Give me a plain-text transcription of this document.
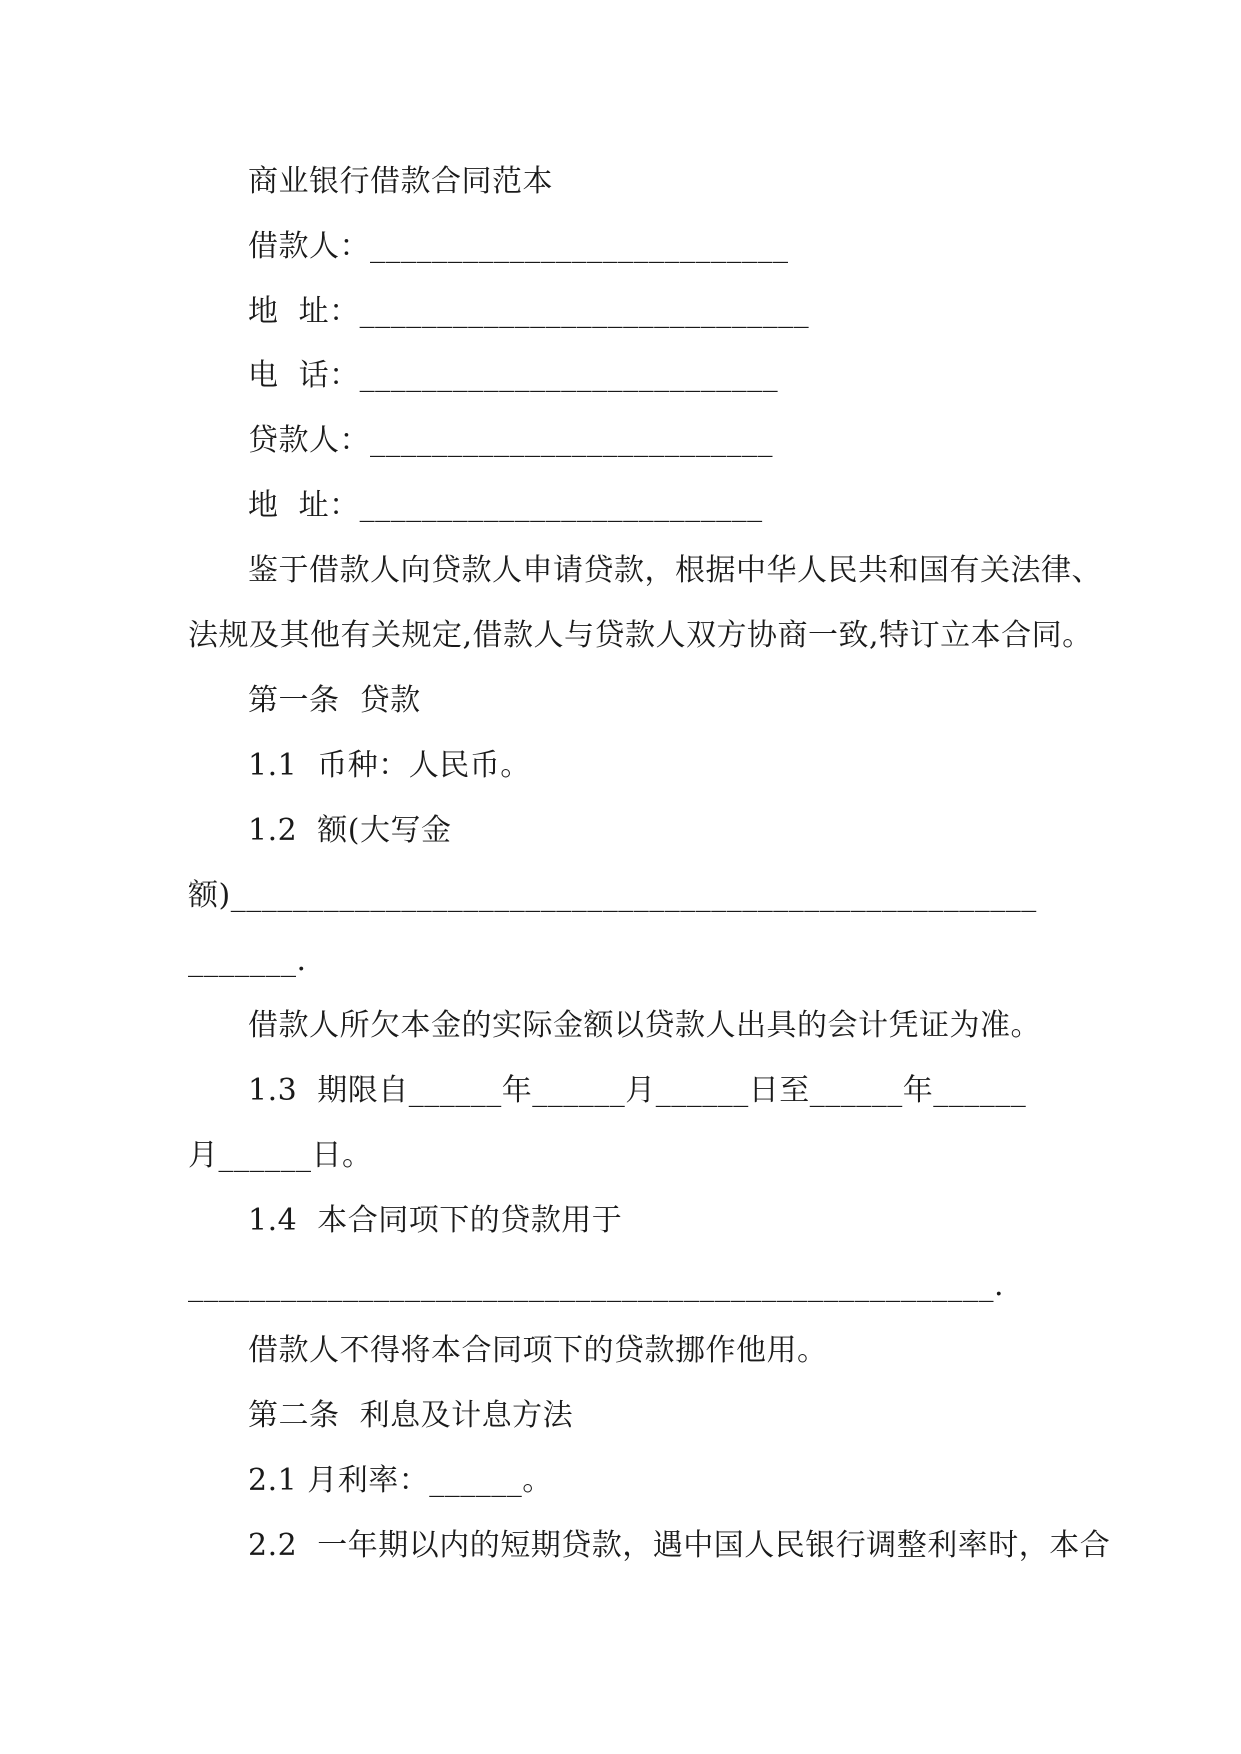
商业银行借款合同范本
借款人：___________________________
地  址：_____________________________
电  话：___________________________
贷款人：__________________________
地  址：__________________________
鉴于借款人向贷款人申请贷款，根据中华人民共和国有关法律、
法规及其他有关规定,借款人与贷款人双方协商一致,特订立本合同。
第一条  贷款
1.1  币种：人民币。
1.2  额(大写金
额)____________________________________________________
_______.
借款人所欠本金的实际金额以贷款人出具的会计凭证为准。
1.3  期限自______年______月______日至______年______
月______日。
1.4  本合同项下的贷款用于
____________________________________________________.
借款人不得将本合同项下的贷款挪作他用。
第二条  利息及计息方法
2.1 月利率：______。
2.2  一年期以内的短期贷款，遇中国人民银行调整利率时，本合
